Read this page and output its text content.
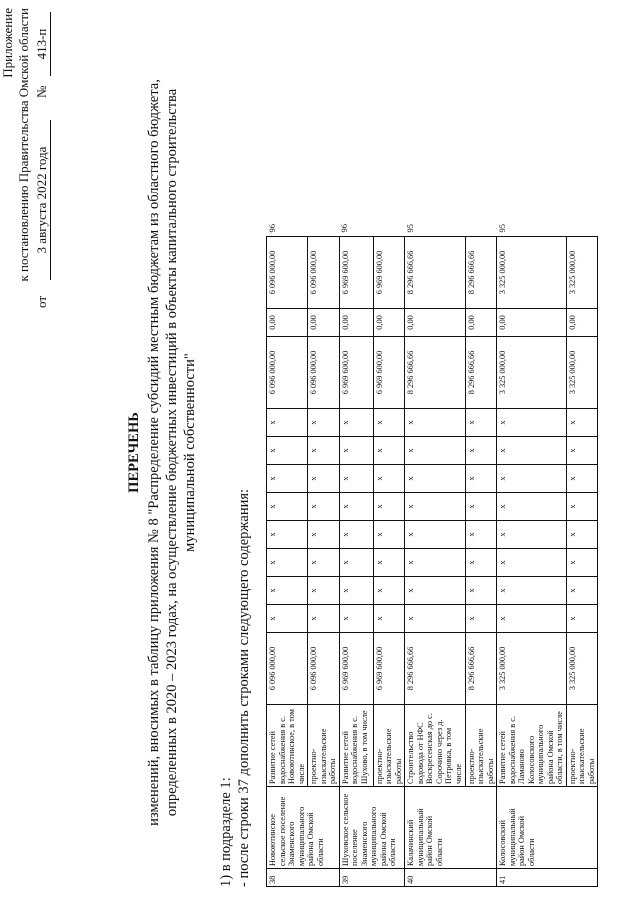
Приложение к постановлению Правительства Омской области
от
3 августа 2022 года
№
413-п
ПЕРЕЧЕНЬ изменений, вносимых в таблицу приложения № 8 "Распределение субсидий местным бюджетам из областного бюджета, определенных в 2020 – 2023 годах, на осуществление бюджетных инвестиций в объекты капитального строительства муниципальной собственности"
1) в подразделе 1: - после строки 37 дополнить строками следующего содержания: 38	Новоютинское сельское поселение Знаменского муниципального района Омской области	Развитие сетей водоснабжения в с. Новоютинское, в том числе	6 096 000,00	х	х	х	х	х	х	х	х	6 096 000,00	0,00	6 096 000,00	96
		проектно-изыскательские работы	6 096 000,00	х	х	х	х	х	х	х	х	6 096 000,00	0,00	6 096 000,00	
39	Шуховское сельское поселение Знаменского муниципального района Омской области	Развитие сетей водоснабжения в с. Шухово, в том числе	6 969 600,00	х	х	х	х	х	х	х	х	6 969 600,00	0,00	6 969 600,00	96
		проектно-изыскательские работы	6 969 600,00	х	х	х	х	х	х	х	х	6 969 600,00	0,00	6 969 600,00	
40	Калачинский муниципальный район Омской области	Строительство водовода от НФС Воскресенская до с. Сорочино через д. Петровка, в том числе	8 296 666,66	х	х	х	х	х	х	х	х	8 296 666,66	0,00	8 296 666,66	95
		проектно-изыскательские работы	8 296 666,66	х	х	х	х	х	х	х	х	8 296 666,66	0,00	8 296 666,66	
41	Колосовский муниципальный район Омской области	Развитие сетей водоснабжения в с. Ламаново Колосовского муниципального района Омской области, в том числе	3 325 000,00	х	х	х	х	х	х	х	х	3 325 000,00	0,00	3 325 000,00	95
		проектно-изыскательские работы	3 325 000,00	х	х	х	х	х	х	х	х	3 325 000,00	0,00	3 325 000,00	
